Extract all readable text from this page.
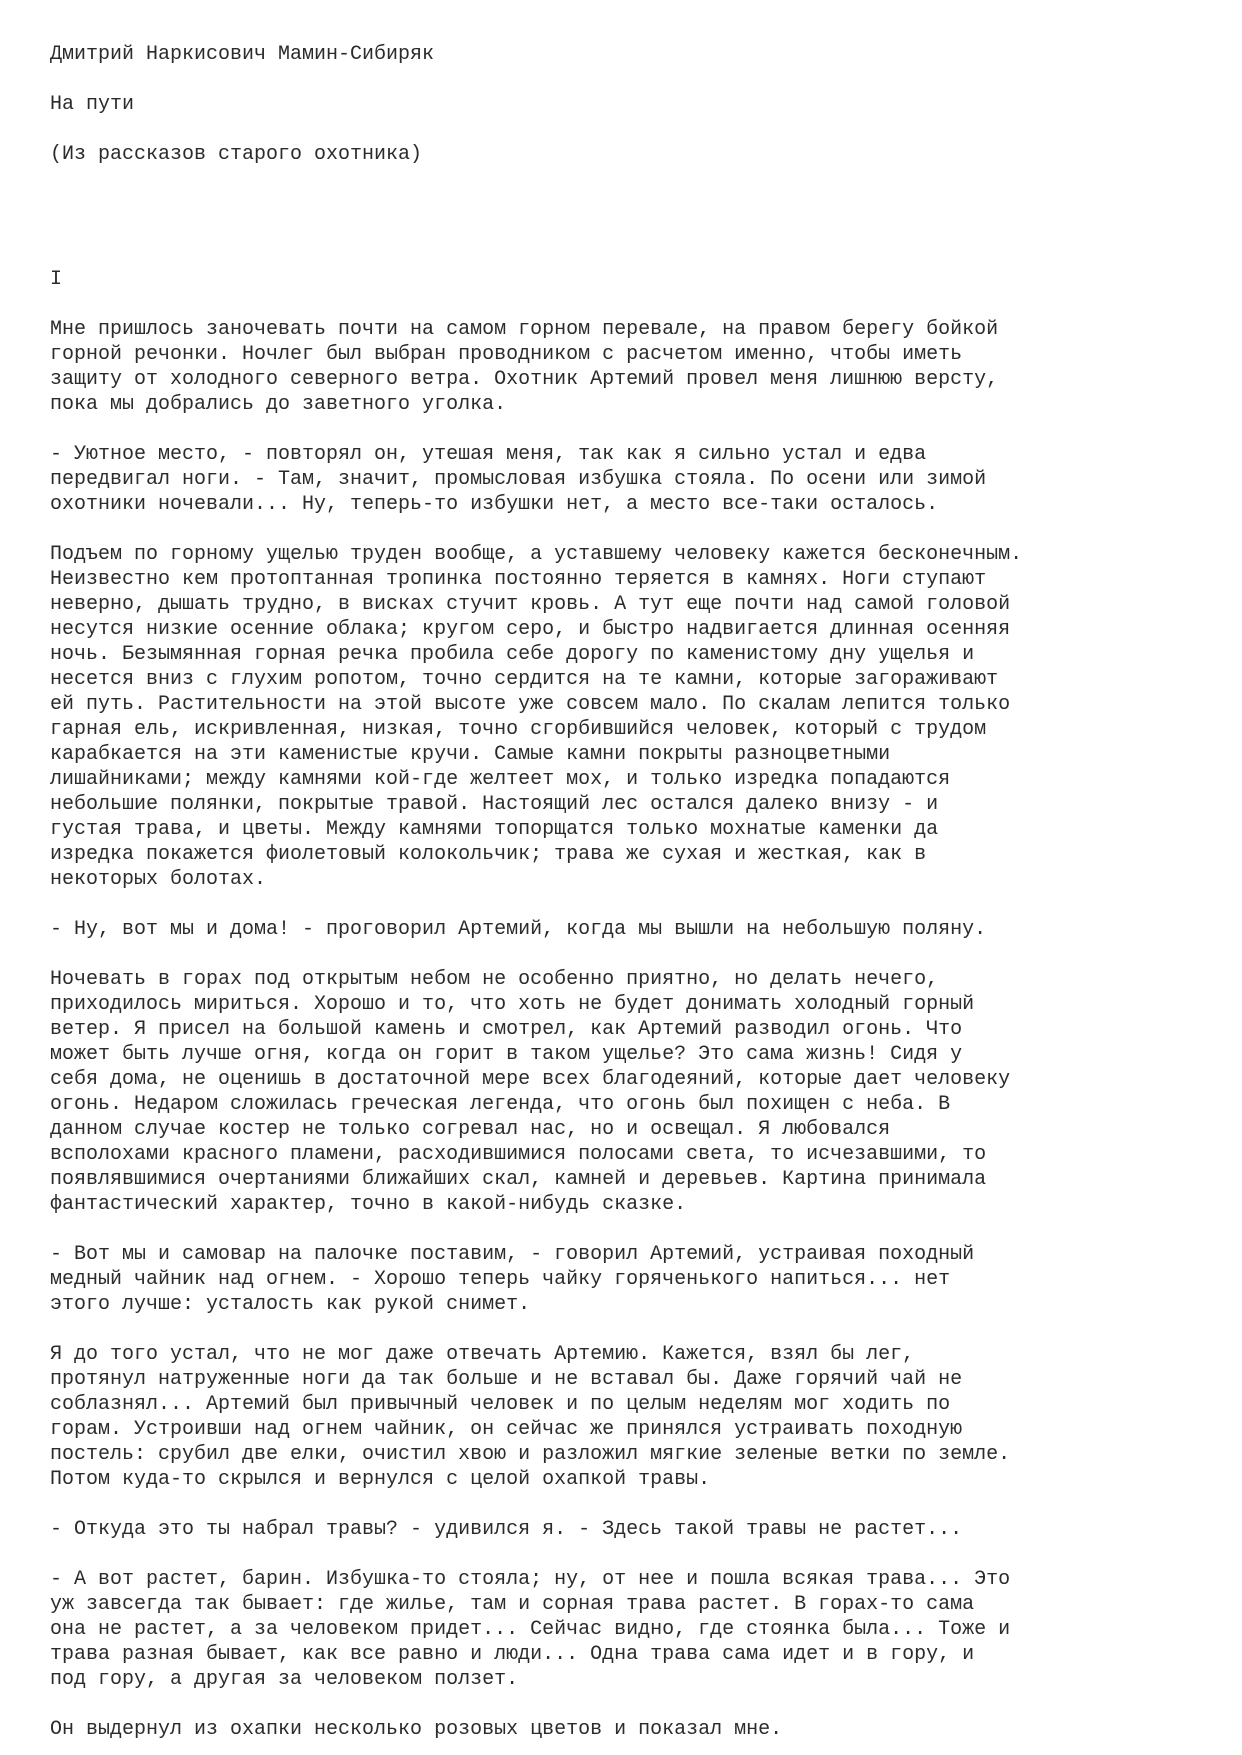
Дмитрий Наркисович Мамин-Сибиряк
На пути
(Из рассказов старого охотника)
I
Мне пришлось заночевать почти на самом горном перевале, на правом берегу бойкой
горной речонки. Ночлег был выбран проводником с расчетом именно, чтобы иметь
защиту от холодного северного ветра. Охотник Артемий провел меня лишнюю версту,
пока мы добрались до заветного уголка.
- Уютное место, - повторял он, утешая меня, так как я сильно устал и едва
передвигал ноги. - Там, значит, промысловая избушка стояла. По осени или зимой
охотники ночевали... Ну, теперь-то избушки нет, а место все-таки осталось.
Подъем по горному ущелью труден вообще, а уставшему человеку кажется бесконечным.
Неизвестно кем протоптанная тропинка постоянно теряется в камнях. Ноги ступают
неверно, дышать трудно, в висках стучит кровь. А тут еще почти над самой головой
несутся низкие осенние облака; кругом серо, и быстро надвигается длинная осенняя
ночь. Безымянная горная речка пробила себе дорогу по каменистому дну ущелья и
несется вниз с глухим ропотом, точно сердится на те камни, которые загораживают
ей путь. Растительности на этой высоте уже совсем мало. По скалам лепится только
гарная ель, искривленная, низкая, точно сгорбившийся человек, который с трудом
карабкается на эти каменистые кручи. Самые камни покрыты разноцветными
лишайниками; между камнями кой-где желтеет мох, и только изредка попадаются
небольшие полянки, покрытые травой. Настоящий лес остался далеко внизу - и
густая трава, и цветы. Между камнями топорщатся только мохнатые каменки да
изредка покажется фиолетовый колокольчик; трава же сухая и жесткая, как в
некоторых болотах.
- Ну, вот мы и дома! - проговорил Артемий, когда мы вышли на небольшую поляну.
Ночевать в горах под открытым небом не особенно приятно, но делать нечего,
приходилось мириться. Хорошо и то, что хоть не будет донимать холодный горный
ветер. Я присел на большой камень и смотрел, как Артемий разводил огонь. Что
может быть лучше огня, когда он горит в таком ущелье? Это сама жизнь! Сидя у
себя дома, не оценишь в достаточной мере всех благодеяний, которые дает человеку
огонь. Недаром сложилась греческая легенда, что огонь был похищен с неба. В
данном случае костер не только согревал нас, но и освещал. Я любовался
всполохами красного пламени, расходившимися полосами света, то исчезавшими, то
появлявшимися очертаниями ближайших скал, камней и деревьев. Картина принимала
фантастический характер, точно в какой-нибудь сказке.
- Вот мы и самовар на палочке поставим, - говорил Артемий, устраивая походный
медный чайник над огнем. - Хорошо теперь чайку горяченького напиться... нет
этого лучше: усталость как рукой снимет.
Я до того устал, что не мог даже отвечать Артемию. Кажется, взял бы лег,
протянул натруженные ноги да так больше и не вставал бы. Даже горячий чай не
соблазнял... Артемий был привычный человек и по целым неделям мог ходить по
горам. Устроивши над огнем чайник, он сейчас же принялся устраивать походную
постель: срубил две елки, очистил хвою и разложил мягкие зеленые ветки по земле.
Потом куда-то скрылся и вернулся с целой охапкой травы.
- Откуда это ты набрал травы? - удивился я. - Здесь такой травы не растет...
- А вот растет, барин. Избушка-то стояла; ну, от нее и пошла всякая трава... Это
уж завсегда так бывает: где жилье, там и сорная трава растет. В горах-то сама
она не растет, а за человеком придет... Сейчас видно, где стоянка была... Тоже и
трава разная бывает, как все равно и люди... Одна трава сама идет и в гору, и
под гору, а другая за человеком ползет.
Он выдернул из охапки несколько розовых цветов и показал мне.
